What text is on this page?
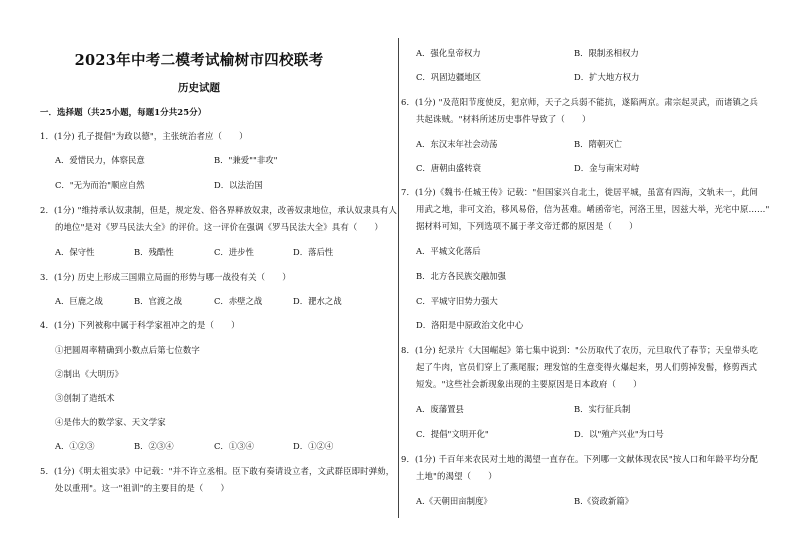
2023年中考二模考试榆树市四校联考
历史试题
一．选择题（共25小题，每题1分共25分）
1．(1分) 孔子提倡"为政以德"，主张统治者应（　　）
A．爱惜民力，体察民意	B．"兼爱""非攻"
C．"无为而治"顺应自然	D．以法治国
2．(1分) "维持承认奴隶制，但是，规定发、俗各界释放奴隶，改善奴隶地位，承认奴隶具有人
的地位"是对《罗马民法大全》的评价。这一评价在强调《罗马民法大全》具有（　　）
A．保守性	B．残酷性	C．进步性	D．落后性
3．(1分) 历史上形成三国鼎立局面的形势与哪一战役有关（　　）
A．巨鹿之战	B．官渡之战	C．赤壁之战	D．淝水之战
4．(1分) 下列被称中属于科学家祖冲之的是（　　）
①把圆周率精确到小数点后第七位数字
②制出《大明历》
③创制了造纸术
④是伟大的数学家、天文学家
A．①②③	B．②③④	C．①③④	D．①②④
5．(1分)《明太祖实录》中记载："并不许立丞相。臣下敢有奏请设立者，文武群臣即时弹劾，
处以重刑"。这一"祖训"的主要目的是（　　）
A．强化皇帝权力	B．限制丞相权力
C．巩固边疆地区	D．扩大地方权力
6．(1分) "及范阳节度使反，犯京师，天子之兵弱不能抗，遂陷两京。肃宗起灵武，而诸镇之兵
共起诛贼。"材料所述历史事件导致了（　　）
A．东汉末年社会动荡	B．隋朝灭亡
C．唐朝由盛转衰	D．金与南宋对峙
7．(1分)《魏书·任城王传》记载："但国家兴自北土，徙居平城，虽富有四海，文轨未一，此间
用武之地，非可文治，移风易俗，信为甚难。崤函帝宅，河洛王里，因兹大举，光宅中原……"
据材料可知，下列选项不属于孝文帝迁都的原因是（　　）
A．平城文化落后
B．北方各民族交融加强
C．平城守旧势力强大
D．洛阳是中原政治文化中心
8．(1分) 纪录片《大国崛起》第七集中说到："公历取代了农历，元旦取代了春节；天皇带头吃
起了牛肉，官员们穿上了燕尾服；理发馆的生意变得火爆起来，男人们剪掉发髻，修剪西式
短发。"这些社会新现象出现的主要原因是日本政府（　　）
A．废藩置县	B．实行征兵制
C．提倡"文明开化"	D．以"殖产兴业"为口号
9．(1分) 千百年来农民对土地的渴望一直存在。下列哪一文献体现农民"按人口和年龄平均分配
土地"的渴望（　　）
A.《天朝田亩制度》	B.《资政新篇》
